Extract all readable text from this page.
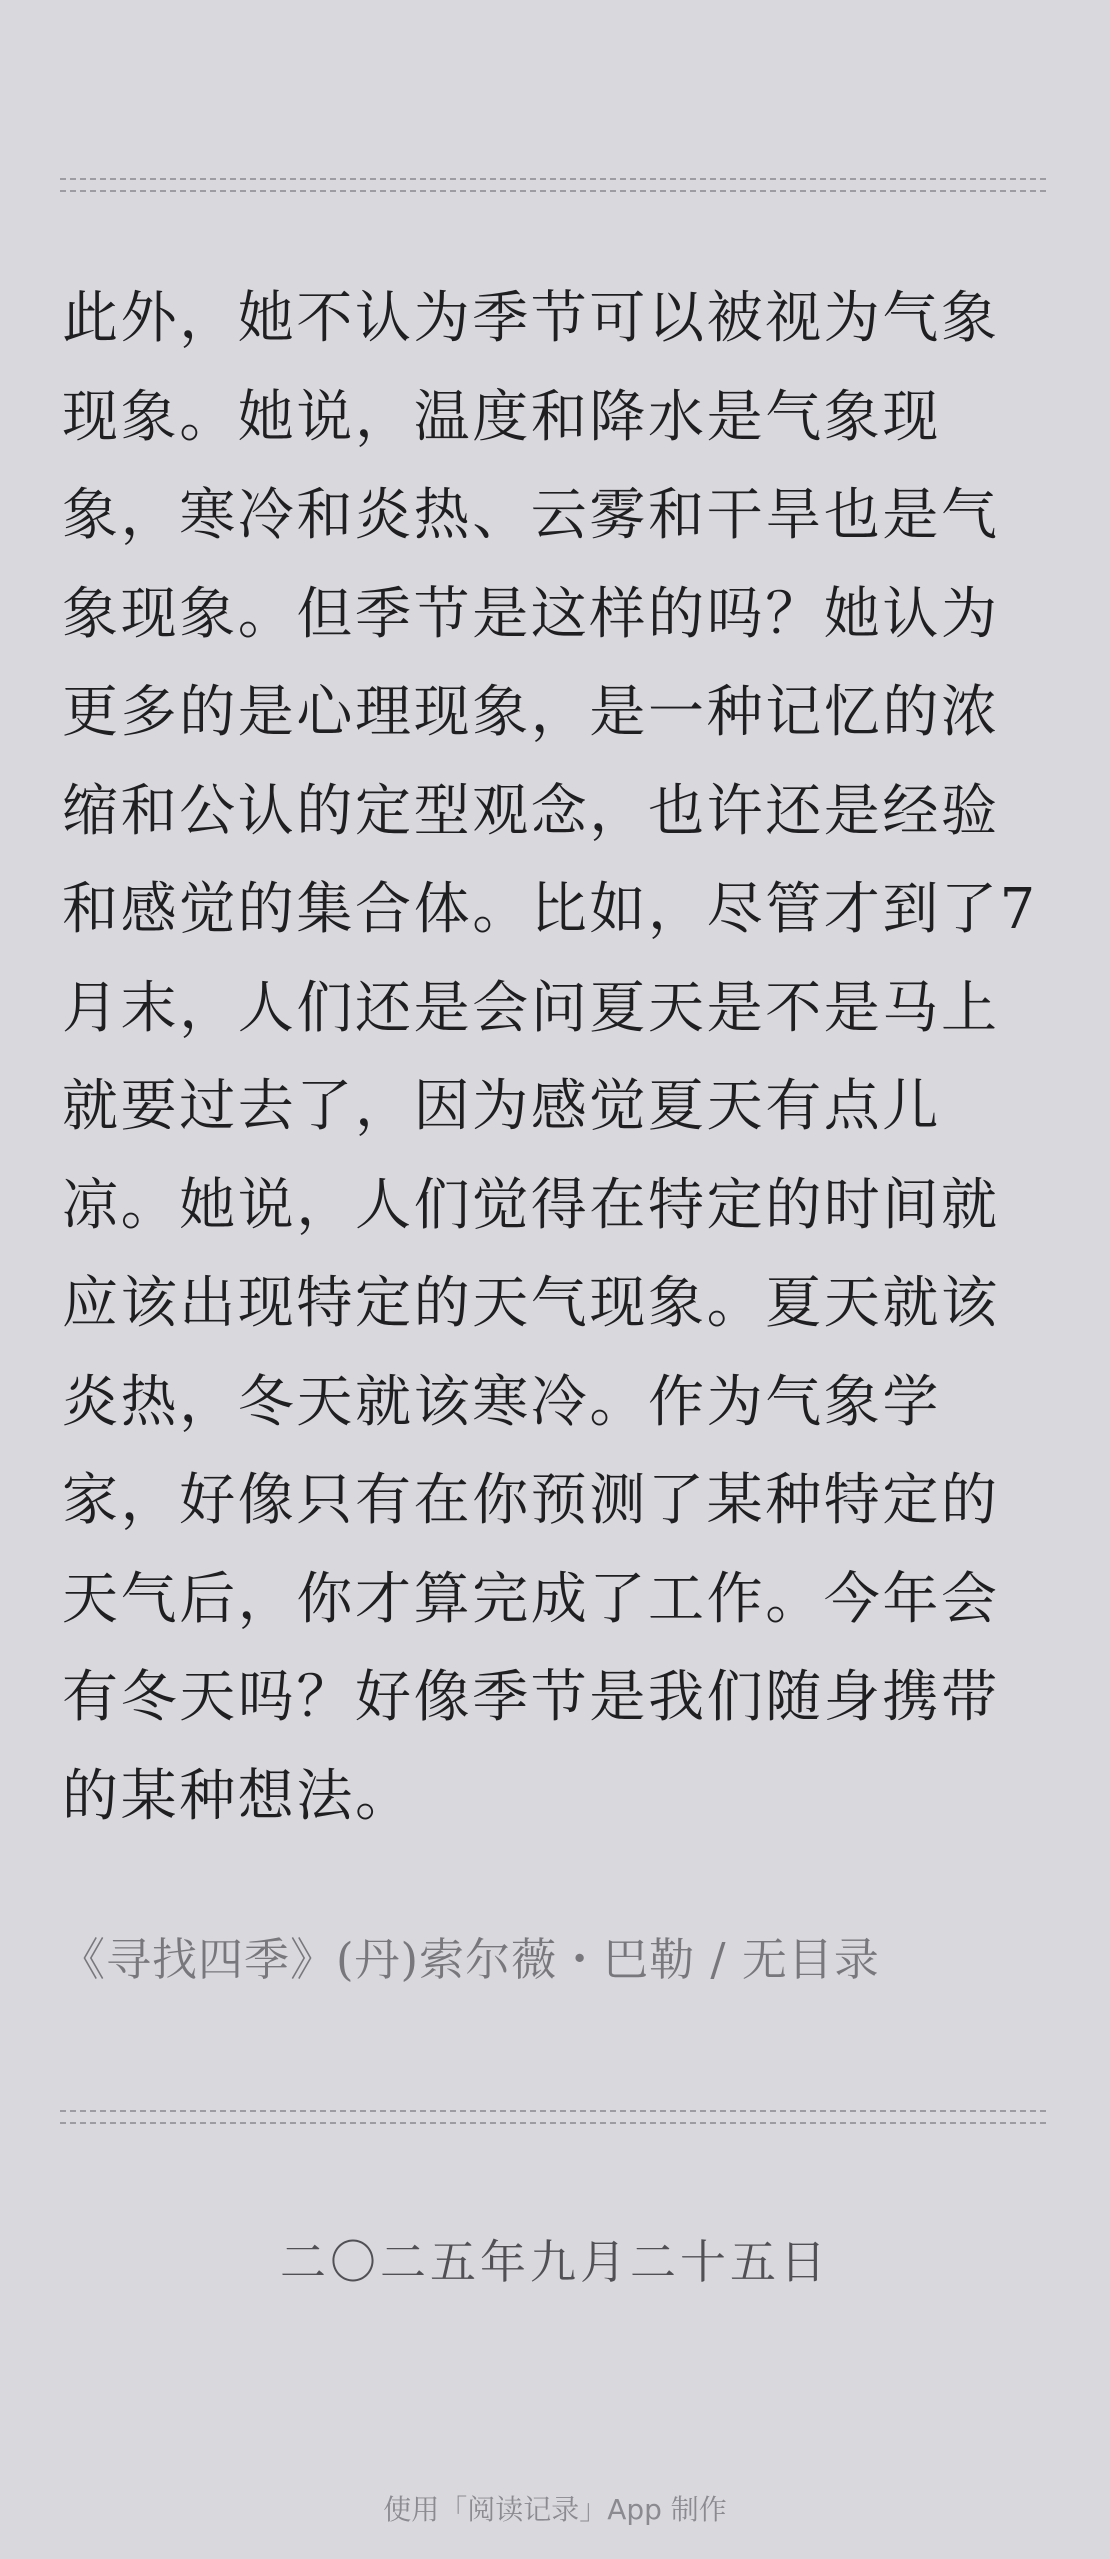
此外，她不认为季节可以被视为气象现象。她说，温度和降水是气象现象，寒冷和炎热、云雾和干旱也是气象现象。但季节是这样的吗？她认为更多的是心理现象，是一种记忆的浓缩和公认的定型观念，也许还是经验和感觉的集合体。比如，尽管才到了7月末，人们还是会问夏天是不是马上就要过去了，因为感觉夏天有点儿凉。她说，人们觉得在特定的时间就应该出现特定的天气现象。夏天就该炎热，冬天就该寒冷。作为气象学家，好像只有在你预测了某种特定的天气后，你才算完成了工作。今年会有冬天吗？好像季节是我们随身携带的某种想法。

《寻找四季》(丹)索尔薇・巴勒 / 无目录
二〇二五年九月二十五日
使用「阅读记录」App 制作
